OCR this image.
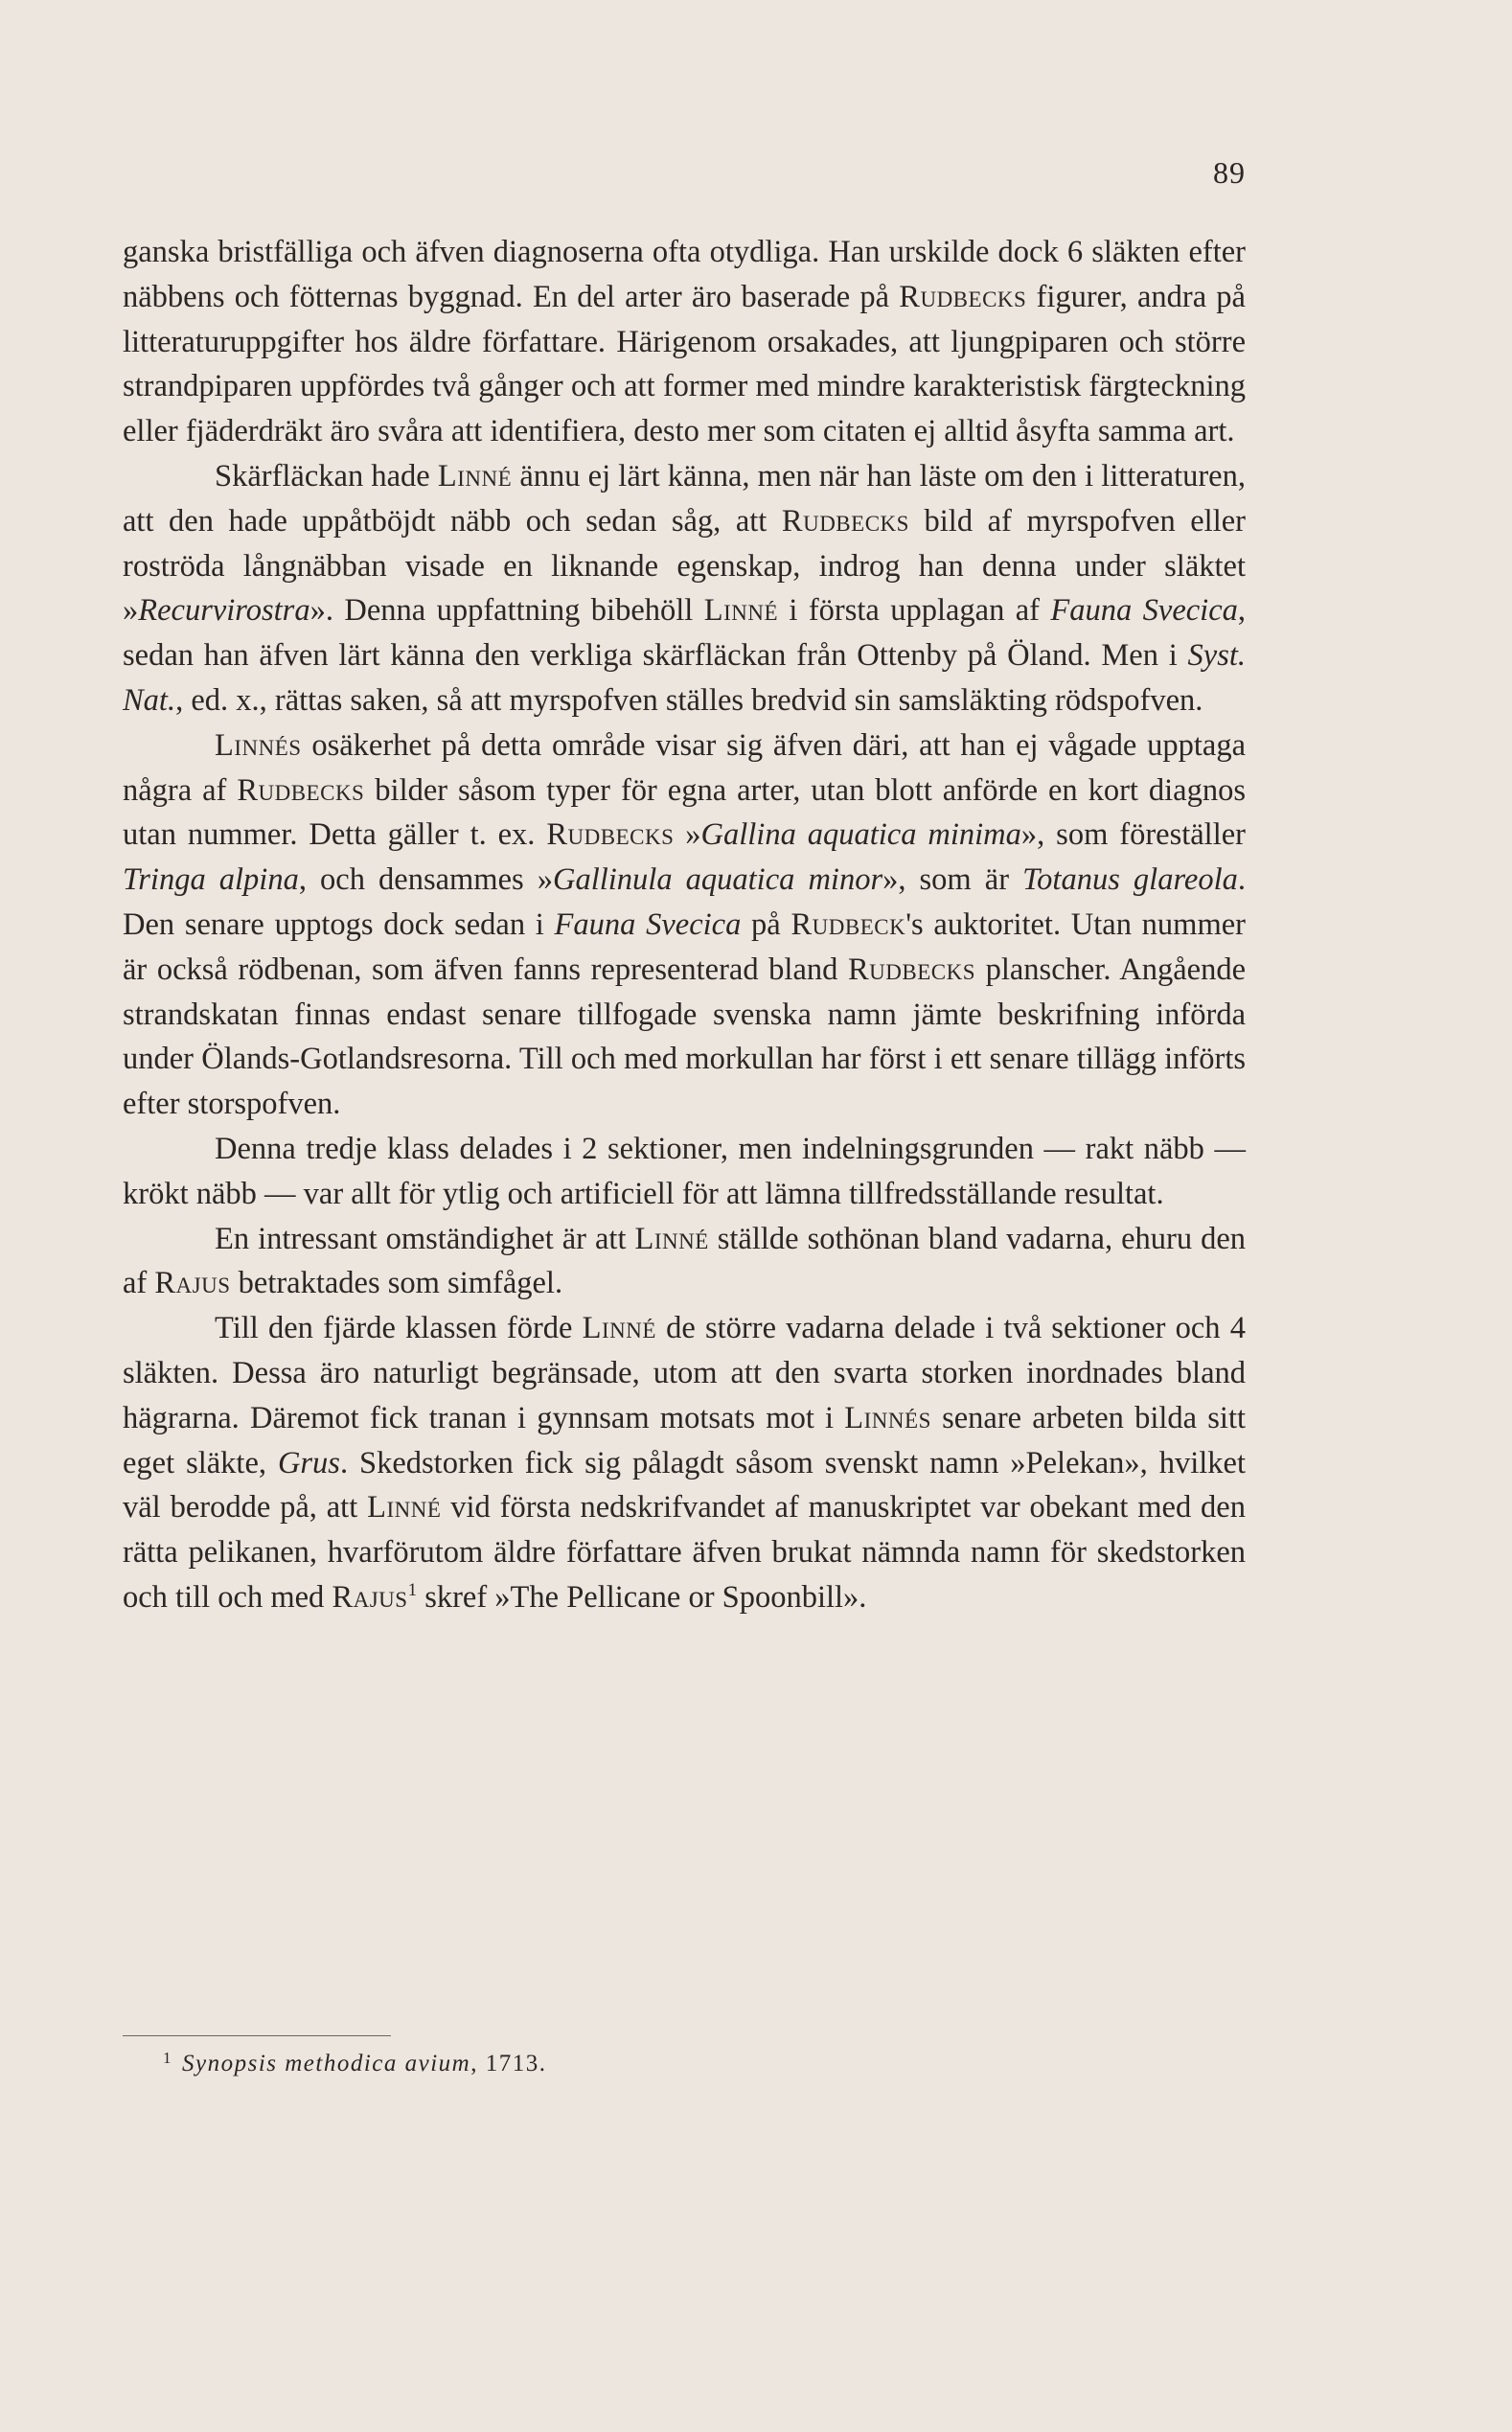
89

ganska bristfälliga och äfven diagnoserna ofta otydliga. Han urskilde dock 6 släkten efter näbbens och fötternas byggnad. En del arter äro baserade på Rudbecks figurer, andra på litteraturuppgifter hos äldre författare. Härigenom orsakades, att ljungpiparen och större strandpiparen uppfördes två gånger och att former med mindre karakteristisk färgteckning eller fjäderdräkt äro svåra att identifiera, desto mer som citaten ej alltid åsyfta samma art.

Skärfläckan hade Linné ännu ej lärt känna, men när han läste om den i litteraturen, att den hade uppåtböjdt näbb och sedan såg, att Rudbecks bild af myrspofven eller roströda långnäbban visade en liknande egenskap, indrog han denna under släktet »Recurvirostra». Denna uppfattning bibehöll Linné i första upplagan af Fauna Svecica, sedan han äfven lärt känna den verkliga skärfläckan från Ottenby på Öland. Men i Syst. Nat., ed. x., rättas saken, så att myrspofven ställes bredvid sin samsläkting rödspofven.

Linnés osäkerhet på detta område visar sig äfven däri, att han ej vågade upptaga några af Rudbecks bilder såsom typer för egna arter, utan blott anförde en kort diagnos utan nummer. Detta gäller t. ex. Rudbecks »Gallina aquatica minima», som föreställer Tringa alpina, och densammes »Gallinula aquatica minor», som är Totanus glareola. Den senare upptogs dock sedan i Fauna Svecica på Rudbeck's auktoritet. Utan nummer är också rödbenan, som äfven fanns representerad bland Rudbecks planscher. Angående strandskatan finnas endast senare tillfogade svenska namn jämte beskrifning införda under Ölands-Gotlandsresorna. Till och med morkullan har först i ett senare tillägg införts efter storspofven.

Denna tredje klass delades i 2 sektioner, men indelningsgrunden — rakt näbb — krökt näbb — var allt för ytlig och artificiell för att lämna tillfredsställande resultat.

En intressant omständighet är att Linné ställde sothönan bland vadarna, ehuru den af Rajus betraktades som simfågel.

Till den fjärde klassen förde Linné de större vadarna delade i två sektioner och 4 släkten. Dessa äro naturligt begränsade, utom att den svarta storken inordnades bland hägrarna. Däremot fick tranan i gynnsam motsats mot i Linnés senare arbeten bilda sitt eget släkte, Grus. Skedstorken fick sig pålagdt såsom svenskt namn »Pelekan», hvilket väl berodde på, att Linné vid första nedskrifvandet af manuskriptet var obekant med den rätta pelikanen, hvarförutom äldre författare äfven brukat nämnda namn för skedstorken och till och med Rajus$^1$ skref »The Pellicane or Spoonbill».

1 Synopsis methodica avium, 1713.
